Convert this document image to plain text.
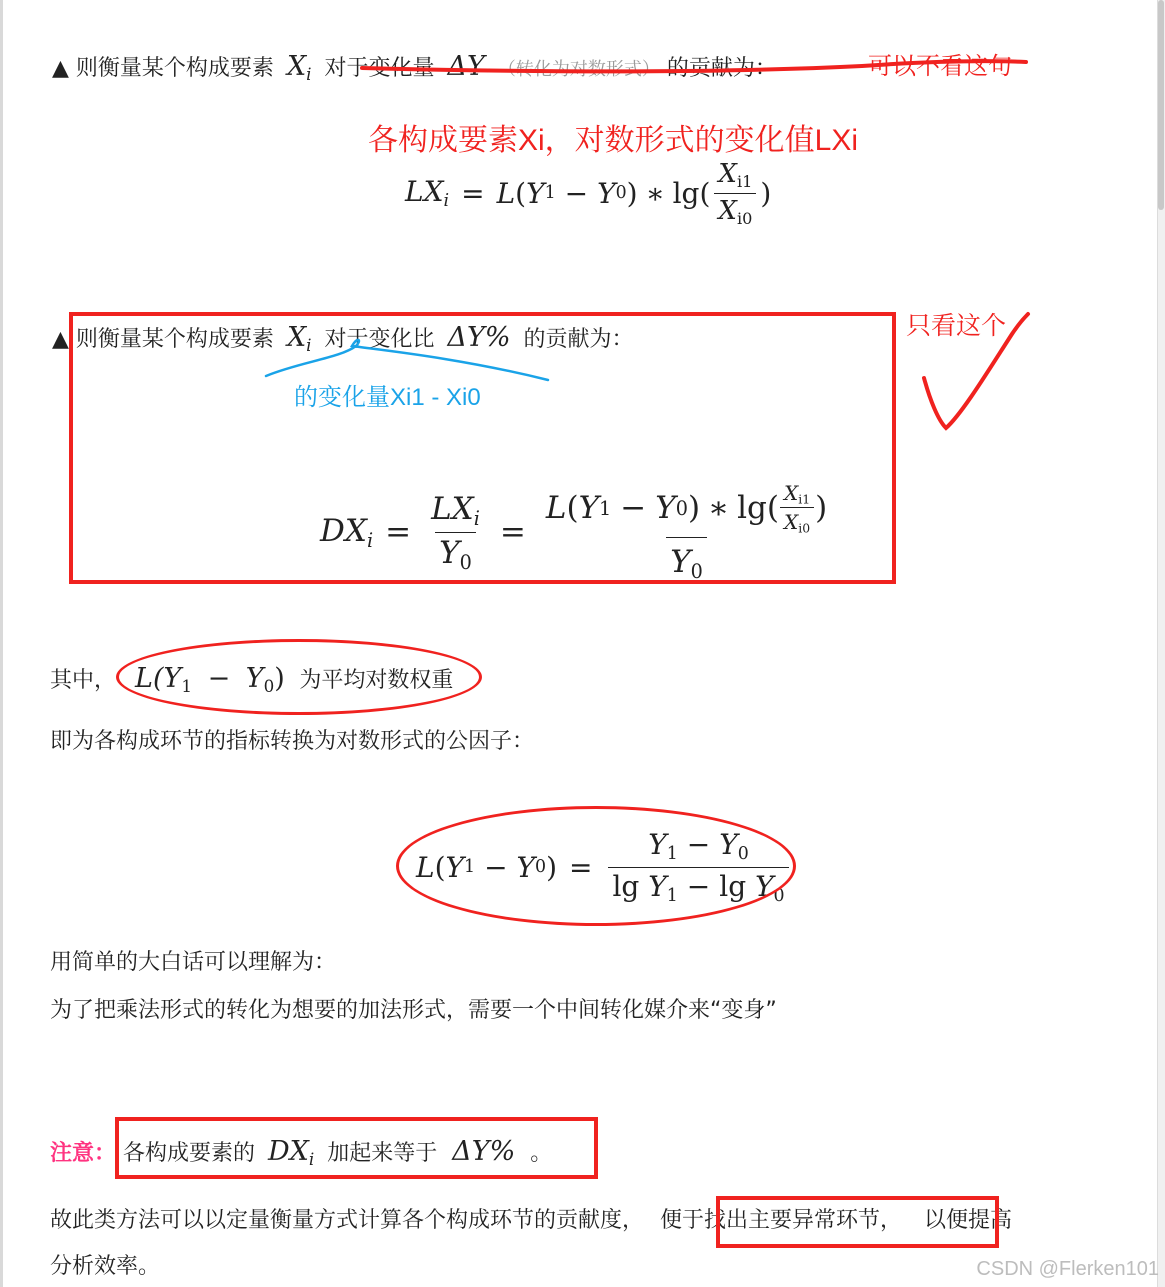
▲ 则衡量某个构成要素 $X_i$ 对于变化量 ΔY （转化为对数形式） 的贡献为：	可以不看这句
各构成要素Xi，对数形式的变化值LXi
$LX_i = L$ ( Y 1 − Y 0 ) ∗ lg ( $\frac{X_{i1}}{X_{i0}}$ )
▲ 则衡量某个构成要素 $X_i$ 对于变化比 ΔY% 的贡献为：
的变化量Xi1 - Xi0
只看这个
$DX_i = \frac{LX_i}{Y_0}$ =
L ( Y 1 − Y 0 ) ∗ lg ( $\frac{X_{i1}}{X_{i0}}$ )
$Y_0$
其中， $L(Y_1 - Y_0)$ 为平均对数权重
即为各构成环节的指标转换为对数形式的公因子：
L ( Y 1 − Y 0 ) = $\frac{Y_1 - Y_0}{\lg Y_1 - \lg Y_0}$
用简单的大白话可以理解为：
为了把乘法形式的转化为想要的加法形式，需要一个中间转化媒介来“变身”
注意： 各构成要素的 $DX_i$ 加起来等于 ΔY% 。
故此类方法可以以定量衡量方式计算各个构成环节的贡献度， 便于找出主要异常环节， 以便提高
分析效率。	CSDN @Flerken101
